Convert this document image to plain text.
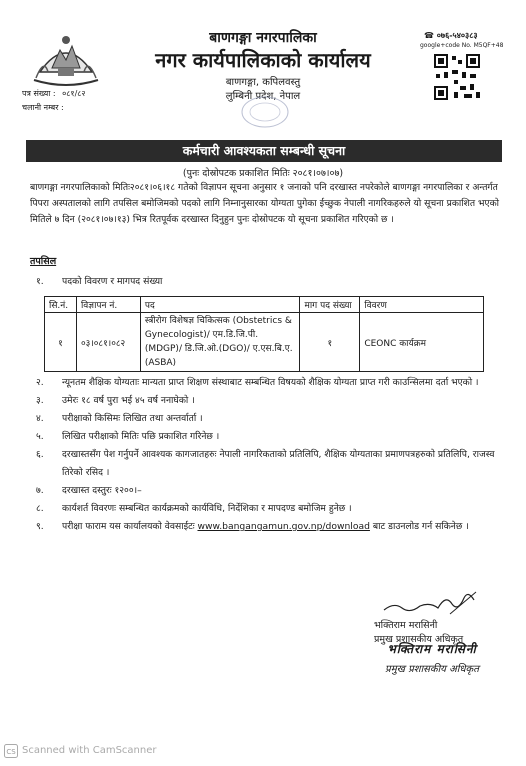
बाणगङ्गा नगरपालिका
नगर कार्यपालिकाको कार्यालय
बाणगङ्गा, कपिलवस्तु
लुम्बिनी प्रदेश, नेपाल
☎ ०७६-५४०३८३
google+code No. M5QF+48
पत्र संख्या : ०८१/८२
चलानी नम्बर :
कर्मचारी आवश्यकता सम्बन्धी सूचना
(पुनः दोस्रोपटक प्रकाशित मितिः २०८१।०७।०७)
बाणगङ्गा नगरपालिकाको मितिः२०८१।०६।१८ गतेको विज्ञापन सूचना अनुसार १ जनाको पनि दरखास्त नपरेकोले बाणगङ्गा नगरपालिका र अन्तर्गत पिपरा अस्पतालको लागि तपसिल बमोजिमको पदको लागि निम्नानुसारका योग्यता पुगेका ईच्छुक नेपाली नागरिकहरुले यो सूचना प्रकाशित भएको मितिले ७ दिन (२०८१।०७।१३) भित्र रितपूर्वक दरखास्त दिनुहुन पुनः दोस्रोपटक यो सूचना प्रकाशित गरिएको छ ।
तपसिल
१. पदको विवरण र मागपद संख्या
सि.नं.	विज्ञापन नं.	पद	माग पद संख्या	विवरण
१	०३।०८१।०८२	स्त्रीरोग विशेषज्ञ चिकित्सक (Obstetrics & Gynecologist)/ एम.डि.जि.पी. (MDGP)/ डि.जि.ओ.(DGO)/ ए.एस.बि.ए. (ASBA)	१	CEONC कार्यक्रम
२. न्यूनतम शैक्षिक योग्यताः मान्यता प्राप्त शिक्षण संस्थाबाट सम्बन्धित विषयको शैक्षिक योग्यता प्राप्त गरी काउन्सिलमा दर्ता भएको ।
३. उमेरः १८ वर्ष पुरा भई ४५ वर्ष ननाघेको ।
४. परीक्षाको किसिमः लिखित तथा अन्तर्वार्ता ।
५. लिखित परीक्षाको मितिः पछि प्रकाशित गरिनेछ ।
६. दरखास्तसँग पेश गर्नुपर्ने आवश्यक कागजातहरुः नेपाली नागरिकताको प्रतिलिपि, शैक्षिक योग्यताका प्रमाणपत्रहरुको प्रतिलिपि, राजस्व तिरेको रसिद ।
७. दरखास्त दस्तुरः १२००।–
८. कार्यशर्त विवरणः सम्बन्धित कार्यक्रमको कार्यविधि, निर्देशिका र मापदण्ड बमोजिम हुनेछ ।
९. परीक्षा फाराम यस कार्यालयको वेवसाईटः www.bangangamun.gov.np/download बाट डाउनलोड गर्न सकिनेछ ।
भक्तिराम मरासिनी
प्रमुख प्रशासकीय अधिकृत
भक्तिराम मरासिनी
प्रमुख प्रशासकीय अधिकृत
CS Scanned with CamScanner
